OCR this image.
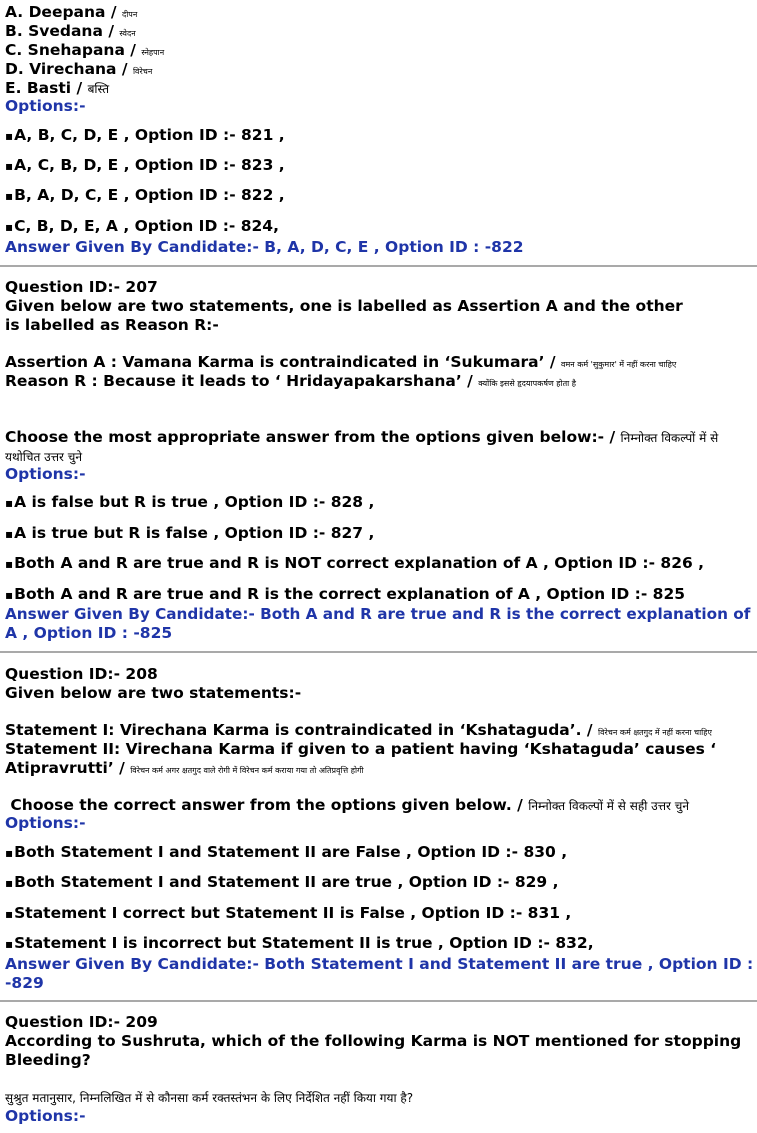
A. Deepana / दीपन
B. Svedana / स्वेदन
C. Snehapana / स्नेहपान
D. Virechana / विरेचन
E. Basti / बस्ति
Options:-
▪ A, B, C, D, E , Option ID :- 821 ,
▪ A, C, B, D, E , Option ID :- 823 ,
▪ B, A, D, C, E , Option ID :- 822 ,
▪ C, B, D, E, A , Option ID :- 824,
Answer Given By Candidate:- B, A, D, C, E , Option ID : -822
Question ID:- 207
Given below are two statements, one is labelled as Assertion A and the other
is labelled as Reason R:-
Assertion A : Vamana Karma is contraindicated in ‘Sukumara’ / वमन कर्म 'सुकुमार' में नहीं करना चाहिए
Reason R : Because it leads to ‘ Hridayapakarshana’ / क्योंकि इससे हृदयापकर्षण होता है
Choose the most appropriate answer from the options given below:- / निम्नोक्त विकल्पों में से
यथोचित उत्तर चुने
Options:-
▪ A is false but R is true , Option ID :- 828 ,
▪ A is true but R is false , Option ID :- 827 ,
▪ Both A and R are true and R is NOT correct explanation of A , Option ID :- 826 ,
▪ Both A and R are true and R is the correct explanation of A , Option ID :- 825
Answer Given By Candidate:- Both A and R are true and R is the correct explanation of
A , Option ID : -825
Question ID:- 208
Given below are two statements:-
Statement I: Virechana Karma is contraindicated in ‘Kshataguda’. / विरेचन कर्म क्षतगुद में नहीं करना चाहिए
Statement II: Virechana Karma if given to a patient having ‘Kshataguda’ causes ‘
Atipravrutti’ / विरेचन कर्म अगर क्षतगुद वाले रोगी में विरेचन कर्म कराया गया तो अतिप्रवृत्ति होगी
Choose the correct answer from the options given below. / निम्नोक्त विकल्पों में से सही उत्तर चुने
Options:-
▪ Both Statement I and Statement II are False , Option ID :- 830 ,
▪ Both Statement I and Statement II are true , Option ID :- 829 ,
▪ Statement I correct but Statement II is False , Option ID :- 831 ,
▪ Statement I is incorrect but Statement II is true , Option ID :- 832,
Answer Given By Candidate:- Both Statement I and Statement II are true , Option ID :
-829
Question ID:- 209
According to Sushruta, which of the following Karma is NOT mentioned for stopping
Bleeding?
सुश्रुत मतानुसार, निम्नलिखित में से कौनसा कर्म रक्तस्तंभन के लिए निर्देशित नहीं किया गया है?
Options:-
